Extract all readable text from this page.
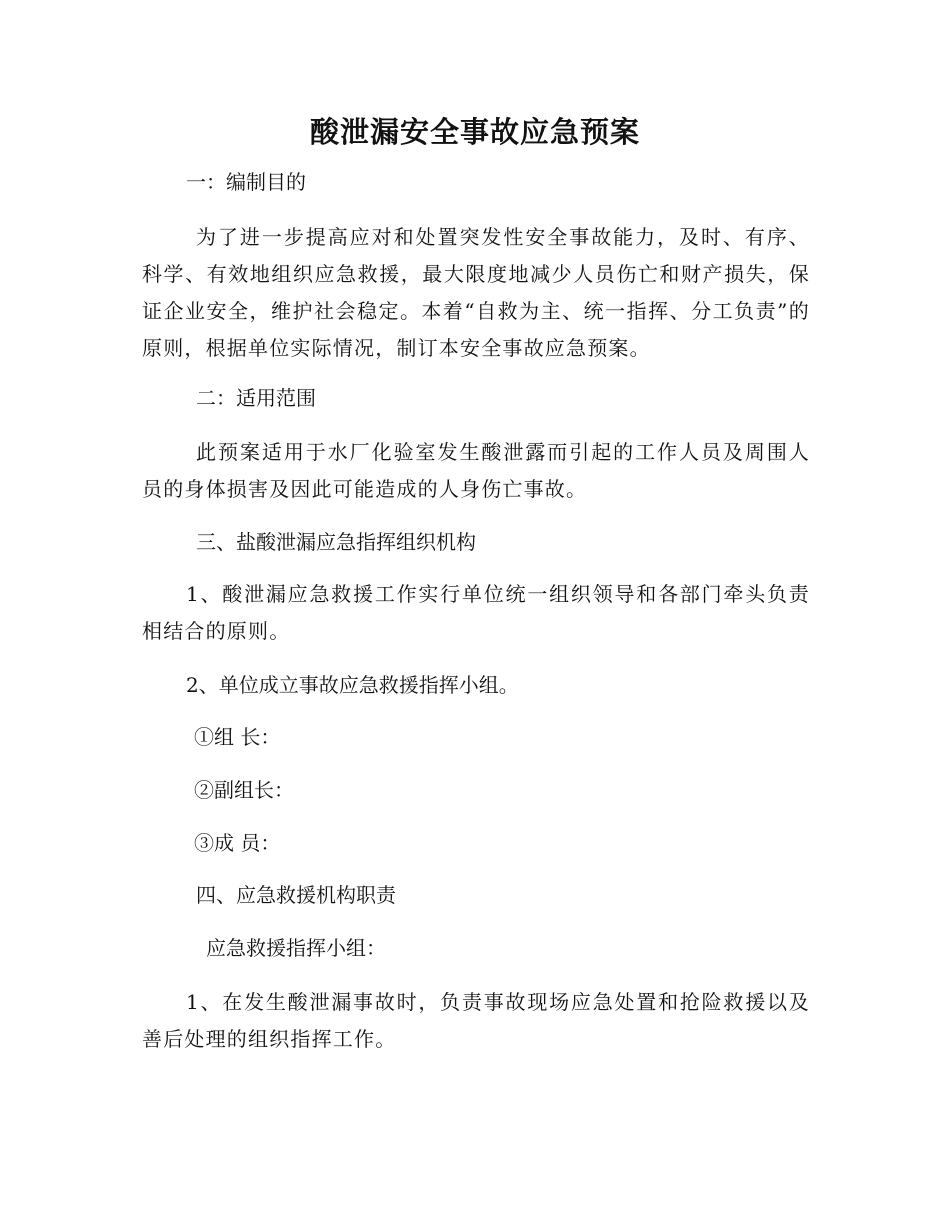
酸泄漏安全事故应急预案

一：编制目的

为了进一步提高应对和处置突发性安全事故能力，及时、有序、科学、有效地组织应急救援，最大限度地减少人员伤亡和财产损失，保证企业安全，维护社会稳定。本着“自救为主、统一指挥、分工负责”的原则，根据单位实际情况，制订本安全事故应急预案。

二：适用范围

此预案适用于水厂化验室发生酸泄露而引起的工作人员及周围人员的身体损害及因此可能造成的人身伤亡事故。

三、盐酸泄漏应急指挥组织机构

1、酸泄漏应急救援工作实行单位统一组织领导和各部门牵头负责相结合的原则。

2、单位成立事故应急救援指挥小组。

①组 长：

②副组长：

③成 员：

四、应急救援机构职责

应急救援指挥小组：

1、在发生酸泄漏事故时，负责事故现场应急处置和抢险救援以及善后处理的组织指挥工作。
